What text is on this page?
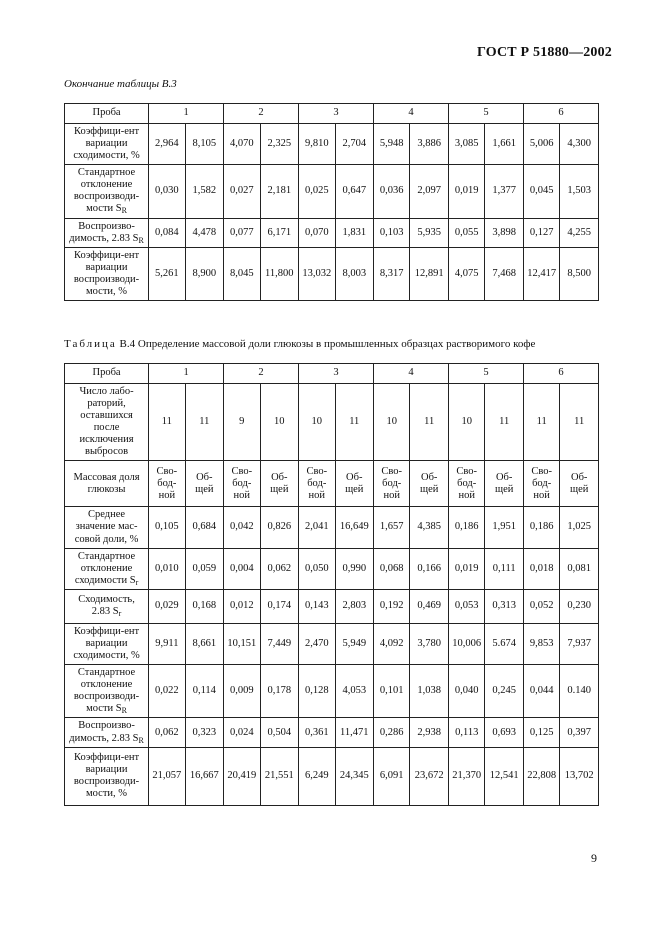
ГОСТ Р 51880—2002
Окончание таблицы В.3
Проба	1		2		3		4		5		6	
Коэффици-ент вариации сходимости, %	2,964	8,105	4,070	2,325	9,810	2,704	5,948	3,886	3,085	1,661	5,006	4,300
Стандартное отклонение воспроизводи-мости $S_R$	0,030	1,582	0,027	2,181	0,025	0,647	0,036	2,097	0,019	1,377	0,045	1,503
Воспроизво-димость, 2.83 $S_R$	0,084	4,478	0,077	6,171	0,070	1,831	0,103	5,935	0,055	3,898	0,127	4,255
Коэффици-ент вариации воспроизводи-мости, %	5,261	8,900	8,045	11,800	13,032	8,003	8,317	12,891	4,075	7,468	12,417	8,500
Таблица В.4 Определение массовой доли глюкозы в промышленных образцах растворимого кофе
Проба	1		2		3		4		5		6	
Число лабо-раторий, оставшихся после исключения выбросов	11	11	9	10	10	11	10	11	10	11	11	11
Массовая доля глюкозы	Сво-бод-ной	Об-щей	Сво-бод-ной	Об-щей	Сво-бод-ной	Об-щей	Сво-бод-ной	Об-щей	Сво-бод-ной	Об-щей	Сво-бод-ной	Об-щей
Среднее значение мас-совой доли, %	0,105	0,684	0,042	0,826	2,041	16,649	1,657	4,385	0,186	1,951	0,186	1,025
Стандартное отклонение сходимости $S_r$	0,010	0,059	0,004	0,062	0,050	0,990	0,068	0,166	0,019	0,111	0,018	0,081
Сходимость, 2.83 $S_r$	0,029	0,168	0,012	0,174	0,143	2,803	0,192	0,469	0,053	0,313	0,052	0,230
Коэффици-ент вариации сходимости, %	9,911	8,661	10,151	7,449	2,470	5,949	4,092	3,780	10,006	5.674	9,853	7,937
Стандартное отклонение воспроизводи-мости $S_R$	0,022	0,114	0,009	0,178	0,128	4,053	0,101	1,038	0,040	0,245	0,044	0.140
Воспроизво-димость, 2.83 $S_R$	0,062	0,323	0,024	0,504	0,361	11,471	0,286	2,938	0,113	0,693	0,125	0,397
Коэффици-ент вариации воспроизводи-мости, %	21,057	16,667	20,419	21,551	6,249	24,345	6,091	23,672	21,370	12,541	22,808	13,702
9
